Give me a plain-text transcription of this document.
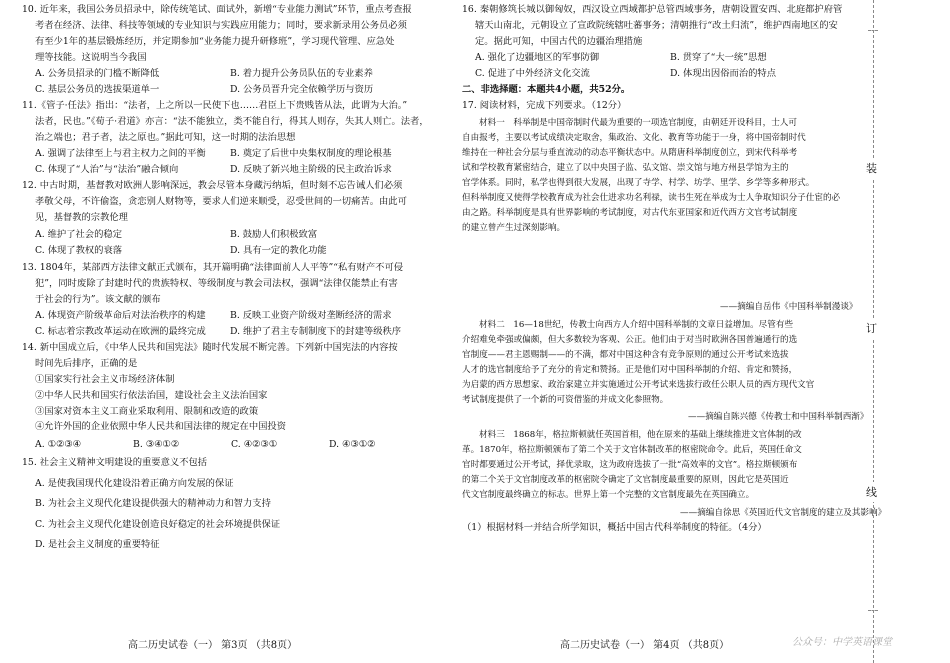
10. 近年来，我国公务员招录中，除传统笔试、面试外，新增“专业能力测试”环节，重点考查报
考者在经济、法律、科技等领域的专业知识与实践应用能力；同时，要求新录用公务员必须
有至少1年的基层锻炼经历，并定期参加“业务能力提升研修班”，学习现代管理、应急处
理等技能。这说明当今我国
A. 公务员招录的门槛不断降低	B. 着力提升公务员队伍的专业素养
C. 基层公务员的选拔渠道单一	D. 公务员晋升完全依赖学历与资历
11.《管子·任法》指出：“法者，上之所以一民使下也……君臣上下贵贱皆从法，此谓为大治。”
法者，民也。”《荀子·君道》亦言：“法不能独立，类不能自行，得其人则存，失其人则亡。法者，
治之端也；君子者，法之原也。”据此可知，这一时期的法治思想
A. 强调了法律至上与君主权力之间的平衡	B. 奠定了后世中央集权制度的理论根基
C. 体现了“人治”与“法治”融合倾向	D. 反映了新兴地主阶级的民主政治诉求
12. 中古时期，基督教对欧洲人影响深远，教会尽管本身藏污纳垢，但时刻不忘告诫人们必须
孝敬父母，不许偷盗，贪恋别人财物等，要求人们逆来顺受，忍受世间的一切痛苦。由此可
见，基督教的宗教伦理
A. 维护了社会的稳定	B. 鼓励人们积极致富
C. 体现了教权的衰落	D. 具有一定的教化功能
13. 1804年，某部西方法律文献正式颁布，其开篇明确“法律面前人人平等”“私有财产不可侵
犯”，同时废除了封建时代的贵族特权、等级制度与教会司法权，强调“法律仅能禁止有害
于社会的行为”。该文献的颁布
A. 体现资产阶级革命后对法治秩序的构建	B. 反映工业资产阶级对垄断经济的需求
C. 标志着宗教改革运动在欧洲的最终完成	D. 维护了君主专制制度下的封建等级秩序
14. 新中国成立后，《中华人民共和国宪法》随时代发展不断完善。下列新中国宪法的内容按
时间先后排序，正确的是
①国家实行社会主义市场经济体制
②中华人民共和国实行依法治国，建设社会主义法治国家
③国家对资本主义工商业采取利用、限制和改造的政策
④允许外国的企业依照中华人民共和国法律的规定在中国投资
A. ①②③④	B. ③④①②	C. ④②③①	D. ④③①②
15. 社会主义精神文明建设的重要意义不包括
A. 是使我国现代化建设沿着正确方向发展的保证
B. 为社会主义现代化建设提供强大的精神动力和智力支持
C. 为社会主义现代化建设创造良好稳定的社会环境提供保证
D. 是社会主义制度的重要特征
高二历史试卷（一） 第3页 （共8页）
16. 秦朝修筑长城以御匈奴，西汉设立西域都护总管西域事务，唐朝设置安西、北庭都护府管
辖天山南北，元朝设立了宣政院统辖吐蕃事务；清朝推行“改土归流”，维护西南地区的安
定。据此可知，中国古代的边疆治理措施
A. 强化了边疆地区的军事防御	B. 贯穿了“大一统”思想
C. 促进了中外经济文化交流	D. 体现出因俗而治的特点
二、非选择题：本题共4小题，共52分。
17. 阅读材料，完成下列要求。（12分）
材料一　科举制是中国帝制时代最为重要的一项选官制度，由朝廷开设科目，士人可
自由报考，主要以考试成绩决定取舍，集政治、文化、教育等功能于一身，将中国帝制时代
维持在一种社会分层与垂直流动的动态平衡状态中。从隋唐科举制度创立，到宋代科举考
试和学校教育紧密结合，建立了以中央国子监、弘文馆、崇文馆与地方州县学馆为主的
官学体系。同时，私学也得到很大发展，出现了寺学、村学、坊学、里学、乡学等多种形式。
但科举制度又使得学校教育成为社会仕进求功名利禄，读书生死在举成为士人争取知识分子仕宦的必
由之路。科举制度是具有世界影响的考试制度，对古代东亚国家和近代西方文官考试制度
的建立曾产生过深刻影响。
——摘编自岳伟《中国科举制漫谈》
材料二　16—18世纪，传教士向西方人介绍中国科举制的文章日益增加。尽管有些
介绍难免牵强或偏颇，但大多数较为客观、公正。他们由于对当时欧洲各国普遍通行的选
官制度——君主恩赐制——的不满，都对中国这种含有竞争原则的通过公开考试来选拔
人才的选官制度给予了充分的肯定和赞扬。正是他们对中国科举制的介绍、肯定和赞扬，
为启蒙的西方思想家、政治家建立并实施通过公开考试来选拔行政任公职人员的西方现代文官
考试制度提供了一个新的可资借鉴的并成文化参照物。
——摘编自陈兴德《传教士和中国科举制西渐》
材料三　1868年，格拉斯顿就任英国首相，他在原来的基础上继续推进文官体制的改
革。1870年，格拉斯顿颁布了第二个关于文官体制改革的枢密院命令。此后，英国任命文
官时都要通过公开考试，择优录取，这为政府选拔了一批“高效率的文官”。格拉斯顿颁布
的第二个关于文官制度改革的枢密院令确定了文官制度最重要的原则，因此它是英国近
代文官制度最终确立的标志。世界上第一个完整的文官制度最先在英国确立。
——摘编自徐思《英国近代文官制度的建立及其影响》
（1）根据材料一并结合所学知识，概括中国古代科举制度的特征。（4分）
高二历史试卷（一） 第4页 （共8页）
装
订
线
公众号：中学英语课堂
